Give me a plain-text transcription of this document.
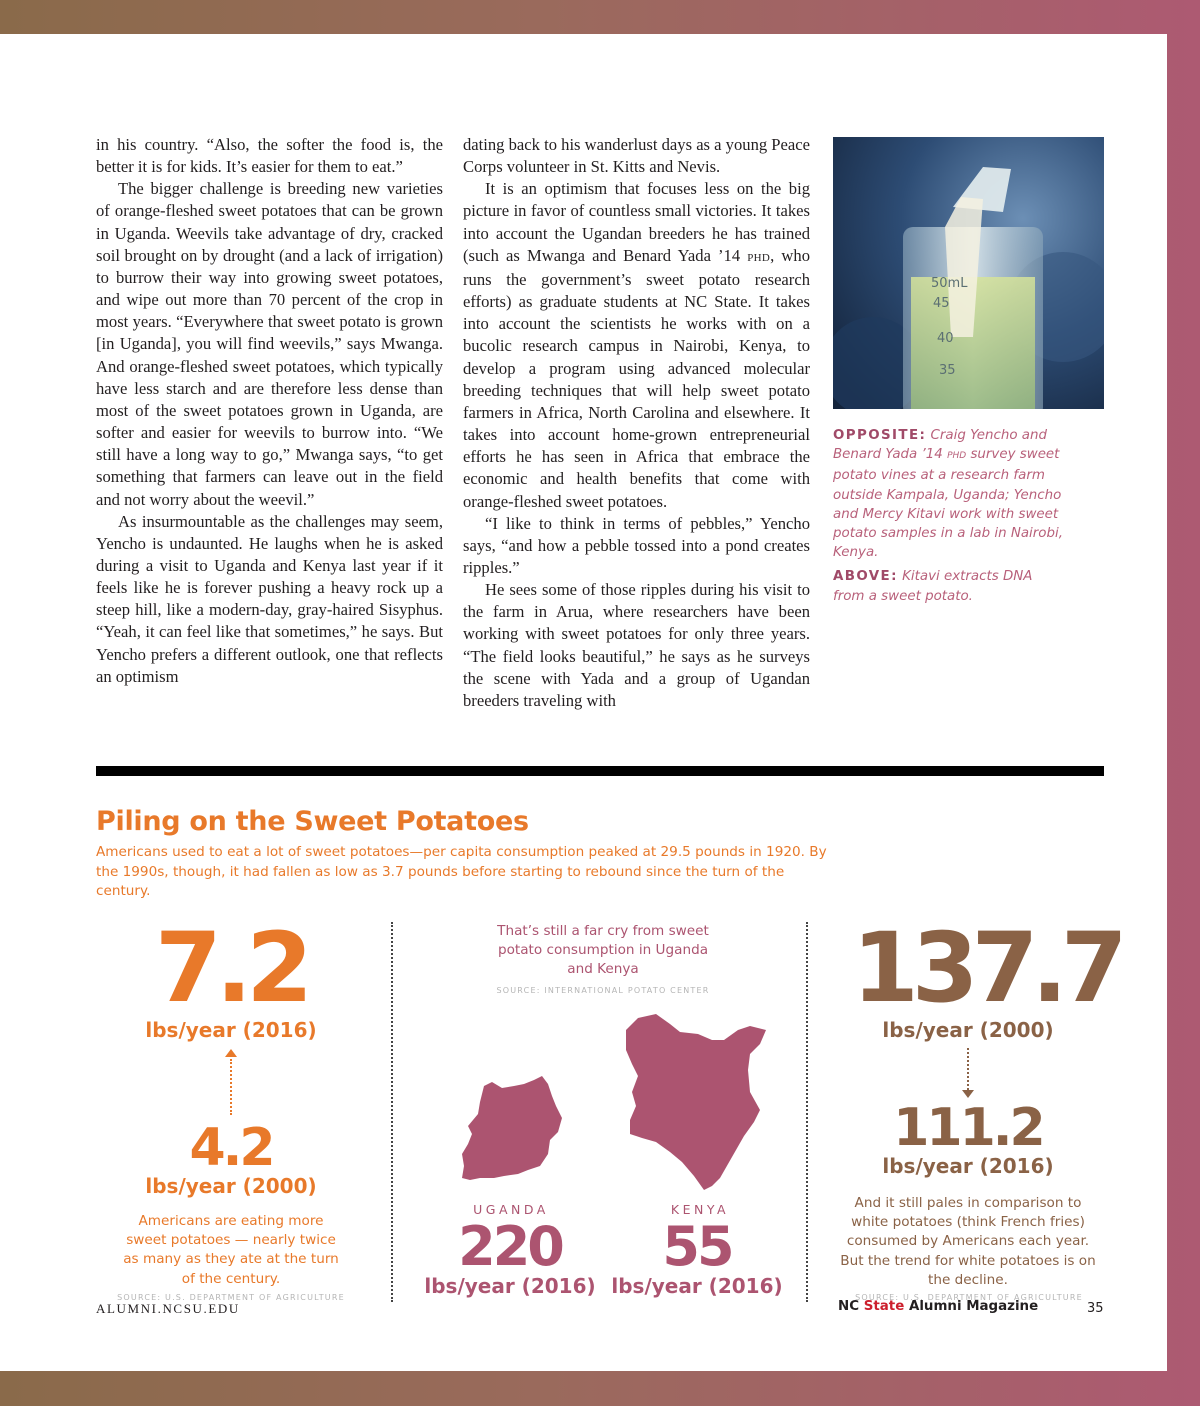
in his country. “Also, the softer the food is, the better it is for kids. It’s easier for them to eat.”

The bigger challenge is breeding new varieties of orange-fleshed sweet potatoes that can be grown in Uganda. Weevils take advantage of dry, cracked soil brought on by drought (and a lack of irrigation) to burrow their way into growing sweet potatoes, and wipe out more than 70 percent of the crop in most years. “Everywhere that sweet potato is grown [in Uganda], you will find weevils,” says Mwanga. And orange-fleshed sweet potatoes, which typically have less starch and are therefore less dense than most of the sweet potatoes grown in Uganda, are softer and easier for weevils to burrow into. “We still have a long way to go,” Mwanga says, “to get something that farmers can leave out in the field and not worry about the weevil.”

As insurmountable as the challenges may seem, Yencho is undaunted. He laughs when he is asked during a visit to Uganda and Kenya last year if it feels like he is forever pushing a heavy rock up a steep hill, like a modern-day, gray-haired Sisyphus. “Yeah, it can feel like that sometimes,” he says. But Yencho prefers a different outlook, one that reflects an optimism

dating back to his wanderlust days as a young Peace Corps volunteer in St. Kitts and Nevis.

It is an optimism that focuses less on the big picture in favor of countless small victories. It takes into account the Ugandan breeders he has trained (such as Mwanga and Benard Yada ’14 PHD, who runs the government’s sweet potato research efforts) as graduate students at NC State. It takes into account the scientists he works with on a bucolic research campus in Nairobi, Kenya, to develop a program using advanced molecular breeding techniques that will help sweet potato farmers in Africa, North Carolina and elsewhere. It takes into account home-grown entrepreneurial efforts he has seen in Africa that embrace the economic and health benefits that come with orange-fleshed sweet potatoes.

“I like to think in terms of pebbles,” Yencho says, “and how a pebble tossed into a pond creates ripples.”

He sees some of those ripples during his visit to the farm in Arua, where researchers have been working with sweet potatoes for only three years. “The field looks beautiful,” he says as he surveys the scene with Yada and a group of Ugandan breeders traveling with

50mL
45
40
35

OPPOSITE: Craig Yencho and Benard Yada ’14 PHD survey sweet potato vines at a research farm outside Kampala, Uganda; Yencho and Mercy Kitavi work with sweet potato samples in a lab in Nairobi, Kenya.

ABOVE: Kitavi extracts DNA from a sweet potato.

Piling on the Sweet Potatoes
Americans used to eat a lot of sweet potatoes—per capita consumption peaked at 29.5 pounds in 1920. By the 1990s, though, it had fallen as low as 3.7 pounds before starting to rebound since the turn of the century.
7.2
lbs/year (2016)
4.2
lbs/year (2000)
Americans are eating more sweet potatoes — nearly twice as many as they ate at the turn of the century.
SOURCE: U.S. DEPARTMENT OF AGRICULTURE
That’s still a far cry from sweet potato consumption in Uganda and Kenya
SOURCE: INTERNATIONAL POTATO CENTER
UGANDA	KENYA
220
lbs/year (2016)
55
lbs/year (2016)
137.7
lbs/year (2000)
111.2
lbs/year (2016)
And it still pales in comparison to white potatoes (think French fries) consumed by Americans each year. But the trend for white potatoes is on the decline.
SOURCE: U.S. DEPARTMENT OF AGRICULTURE
ALUMNI.NCSU.EDU	NC State Alumni Magazine	35
